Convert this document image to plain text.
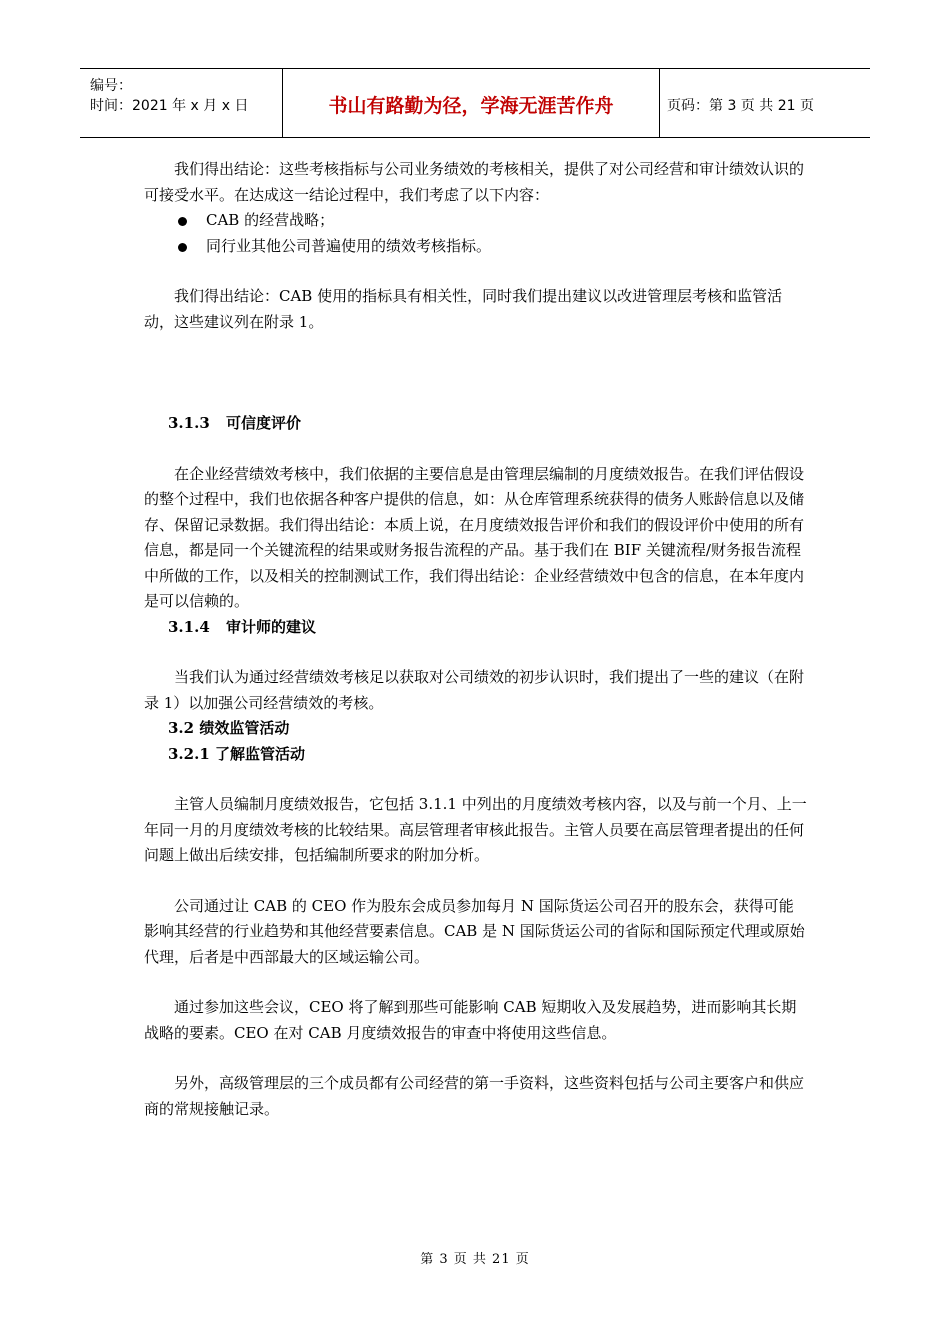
编号：
时间：2021 年 x 月 x 日	书山有路勤为径，学海无涯苦作舟	页码：第 3 页 共 21 页

我们得出结论：这些考核指标与公司业务绩效的考核相关，提供了对公司经营和审计绩效认识的可接受水平。在达成这一结论过程中，我们考虑了以下内容：

CAB 的经营战略；
同行业其他公司普遍使用的绩效考核指标。

我们得出结论：CAB 使用的指标具有相关性，同时我们提出建议以改进管理层考核和监管活动，这些建议列在附录 1。

3.1.3 可信度评价

在企业经营绩效考核中，我们依据的主要信息是由管理层编制的月度绩效报告。在我们评估假设的整个过程中，我们也依据各种客户提供的信息，如：从仓库管理系统获得的债务人账龄信息以及储存、保留记录数据。我们得出结论：本质上说，在月度绩效报告评价和我们的假设评价中使用的所有信息，都是同一个关键流程的结果或财务报告流程的产品。基于我们在 BIF 关键流程/财务报告流程中所做的工作，以及相关的控制测试工作，我们得出结论：企业经营绩效中包含的信息，在本年度内是可以信赖的。

3.1.4 审计师的建议

当我们认为通过经营绩效考核足以获取对公司绩效的初步认识时，我们提出了一些的建议（在附录 1）以加强公司经营绩效的考核。

3.2 绩效监管活动
3.2.1 了解监管活动

主管人员编制月度绩效报告，它包括 3.1.1 中列出的月度绩效考核内容，以及与前一个月、上一年同一月的月度绩效考核的比较结果。高层管理者审核此报告。主管人员要在高层管理者提出的任何问题上做出后续安排，包括编制所要求的附加分析。

公司通过让 CAB 的 CEO 作为股东会成员参加每月 N 国际货运公司召开的股东会，获得可能影响其经营的行业趋势和其他经营要素信息。CAB 是 N 国际货运公司的省际和国际预定代理或原始代理，后者是中西部最大的区域运输公司。

通过参加这些会议，CEO 将了解到那些可能影响 CAB 短期收入及发展趋势，进而影响其长期战略的要素。CEO 在对 CAB 月度绩效报告的审查中将使用这些信息。

另外，高级管理层的三个成员都有公司经营的第一手资料，这些资料包括与公司主要客户和供应商的常规接触记录。

第 3 页 共 21 页
